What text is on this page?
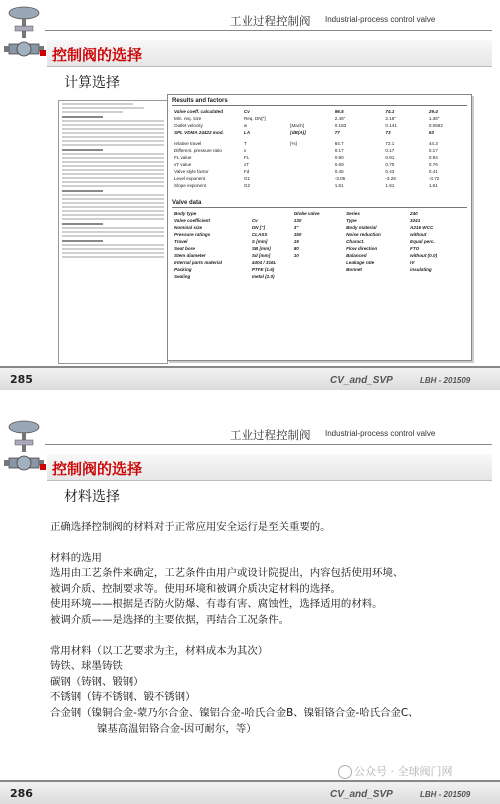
工业过程控制阀 Industrial-process control valve
控制阀的选择
计算选择
Results and factors
Valve coeff. calculated	Cv		96.5	74.1	29.4
Min. req. size	Req. DN["]		2.46"	2.16"	1.36"
Outlet velocity	w	[Mach]	0.183	0.141	0.0562
SPL VDMA 24422 mod.	LA	[dB(A)]	77	73	63

relative travel	T	[%]	84.7	72.1	44.3
Different. pressure ratio	x		0.17	0.17	0.17
FL value	FL		0.90	0.91	0.94
xT value	xT		0.69	0.70	0.76
Valve style factor	Fd		0.45	0.43	0.41
Level exponent	G1		-3.05	-3.26	-3.72
Slope exponent	G2		1.61	1.61	1.61
Valve data
Body type		Globe valve	Series	240
Valve coefficient	Cv	130	Type	3241
Nominal size	DN ["]	3"	Body material	A216 WCC
Pressure ratings	CLASS	150	Noise reduction	without
Travel	S [mm]	19	Charact.	Equal perc.
Seat bore	SB [mm]	80	Flow direction	FTO
Stem diameter	Sd [mm]	10	Balanced	without (0.0)
Internal parts material	4404 / 316L		Leakage rate	IV
Packing	PTFE (1.6)		Bonnet	insulating
Sealing	metal (2.0)			
285	CV_and_SVP	LBH - 201509
工业过程控制阀 Industrial-process control valve
控制阀的选择
材料选择

正确选择控制阀的材料对于正常应用安全运行是至关重要的。

材料的选用

选用由工艺条件来确定，工艺条件由用户或设计院提出，内容包括使用环境、

被调介质、控制要求等。使用环境和被调介质决定材料的选择。

使用环境——根据是否防火防爆、有毒有害、腐蚀性，选择适用的材料。

被调介质——是选择的主要依据，再结合工况条件。

常用材料（以工艺要求为主，材料成本为其次）

铸铁、球墨铸铁

碳钢（铸钢、锻钢）

不锈钢（铸不锈钢、锻不锈钢）

合金钢（镍铜合金-蒙乃尔合金、镍铝合金-哈氏合金B、镍钼铬合金-哈氏合金C、

镍基高温铝铬合金-因可耐尔，等）

公众号 · 全球阀门网
286	CV_and_SVP	LBH - 201509
